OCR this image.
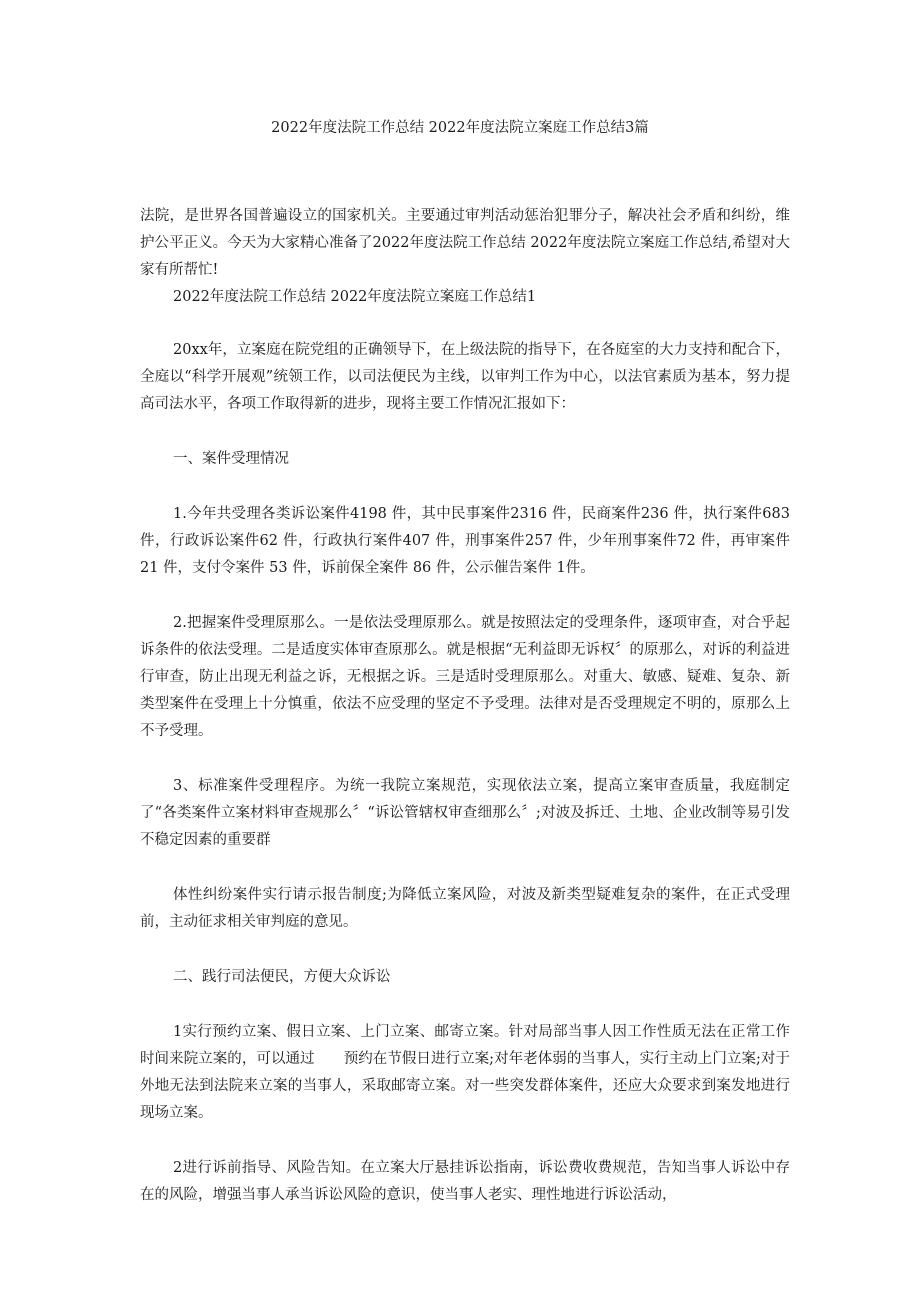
2022年度法院工作总结 2022年度法院立案庭工作总结3篇

法院，是世界各国普遍设立的国家机关。主要通过审判活动惩治犯罪分子，解决社会矛盾和纠纷，维护公平正义。今天为大家精心准备了2022年度法院工作总结 2022年度法院立案庭工作总结,希望对大家有所帮忙!

2022年度法院工作总结 2022年度法院立案庭工作总结1

20xx年，立案庭在院党组的正确领导下，在上级法院的指导下，在各庭室的大力支持和配合下，全庭以“科学开展观”统领工作，以司法便民为主线，以审判工作为中心，以法官素质为基本，努力提高司法水平，各项工作取得新的进步，现将主要工作情况汇报如下：

一、案件受理情况

1.今年共受理各类诉讼案件4198 件，其中民事案件2316 件，民商案件236 件，执行案件683 件，行政诉讼案件62 件，行政执行案件407 件，刑事案件257 件，少年刑事案件72 件，再审案件21 件，支付令案件 53 件，诉前保全案件 86 件，公示催告案件 1件。

2.把握案件受理原那么。一是依法受理原那么。就是按照法定的受理条件，逐项审查，对合乎起诉条件的依法受理。二是适度实体审查原那么。就是根据“无利益即无诉权〞的原那么，对诉的利益进行审查，防止出现无利益之诉，无根据之诉。三是适时受理原那么。对重大、敏感、疑难、复杂、新类型案件在受理上十分慎重，依法不应受理的坚定不予受理。法律对是否受理规定不明的，原那么上不予受理。

3、标准案件受理程序。为统一我院立案规范，实现依法立案，提高立案审查质量，我庭制定了“各类案件立案材料审查规那么〞“诉讼管辖权审查细那么〞;对波及拆迁、土地、企业改制等易引发不稳定因素的重要群

体性纠纷案件实行请示报告制度;为降低立案风险，对波及新类型疑难复杂的案件，在正式受理前，主动征求相关审判庭的意见。

二、践行司法便民，方便大众诉讼

1实行预约立案、假日立案、上门立案、邮寄立案。针对局部当事人因工作性质无法在正常工作时间来院立案的，可以通过　　预约在节假日进行立案;对年老体弱的当事人，实行主动上门立案;对于外地无法到法院来立案的当事人，采取邮寄立案。对一些突发群体案件，还应大众要求到案发地进行现场立案。

2进行诉前指导、风险告知。在立案大厅悬挂诉讼指南，诉讼费收费规范，告知当事人诉讼中存在的风险，增强当事人承当诉讼风险的意识，使当事人老实、理性地进行诉讼活动，
